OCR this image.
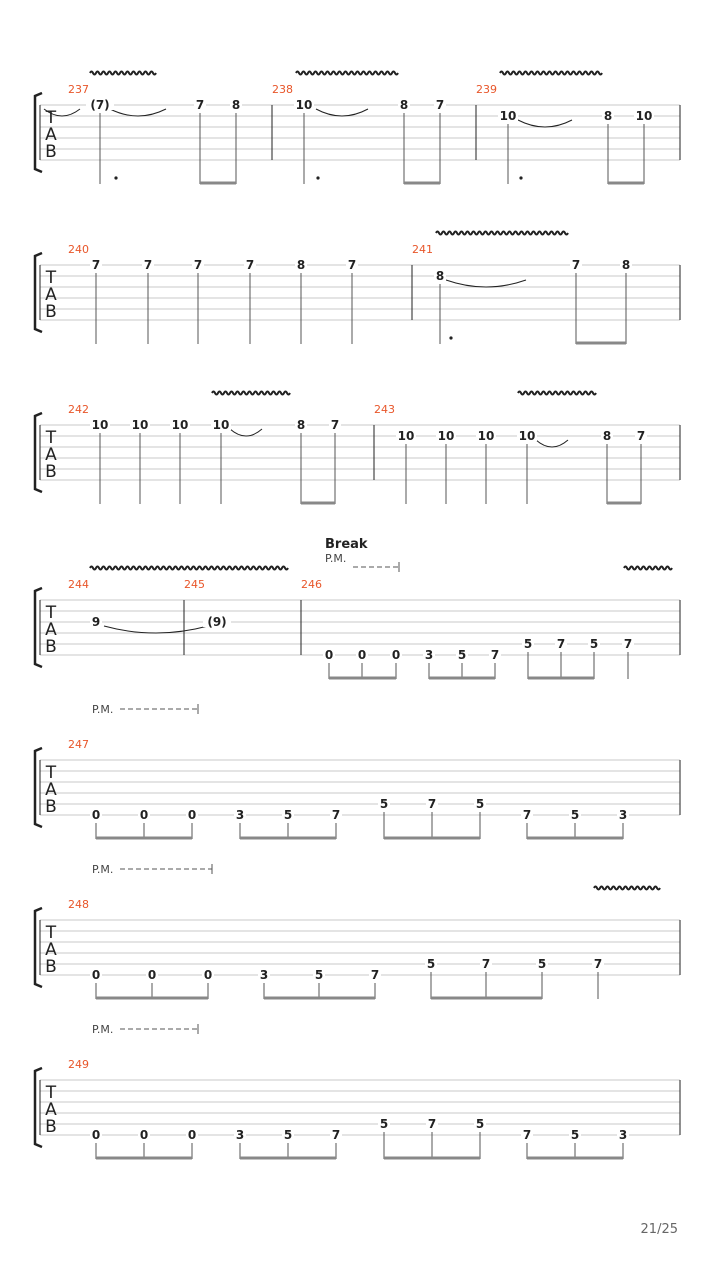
T
A
B
237
(7)	7 8
238
10	8 7
239
10	8 10
T
A
B
240
7	7	7	7	8	7
241
8
7	8
T
A
B
242
10 10 10 10	8 7
243
10 10 10 10	8 7
T
A
B
244
9
245
(9)
246
0 0 0 3 5 7
5 7 5 7
Break
P.M.
T
A
B
P.M.
247
0	0	0	3	5	7
5	7	5
7	5	3
T
A
B
P.M.
248
0	0	0	3	5	7
5	7	5	7
T
A
B
P.M.
249
0	0	0	3	5	7
5	7	5
7	5	3
21/25
